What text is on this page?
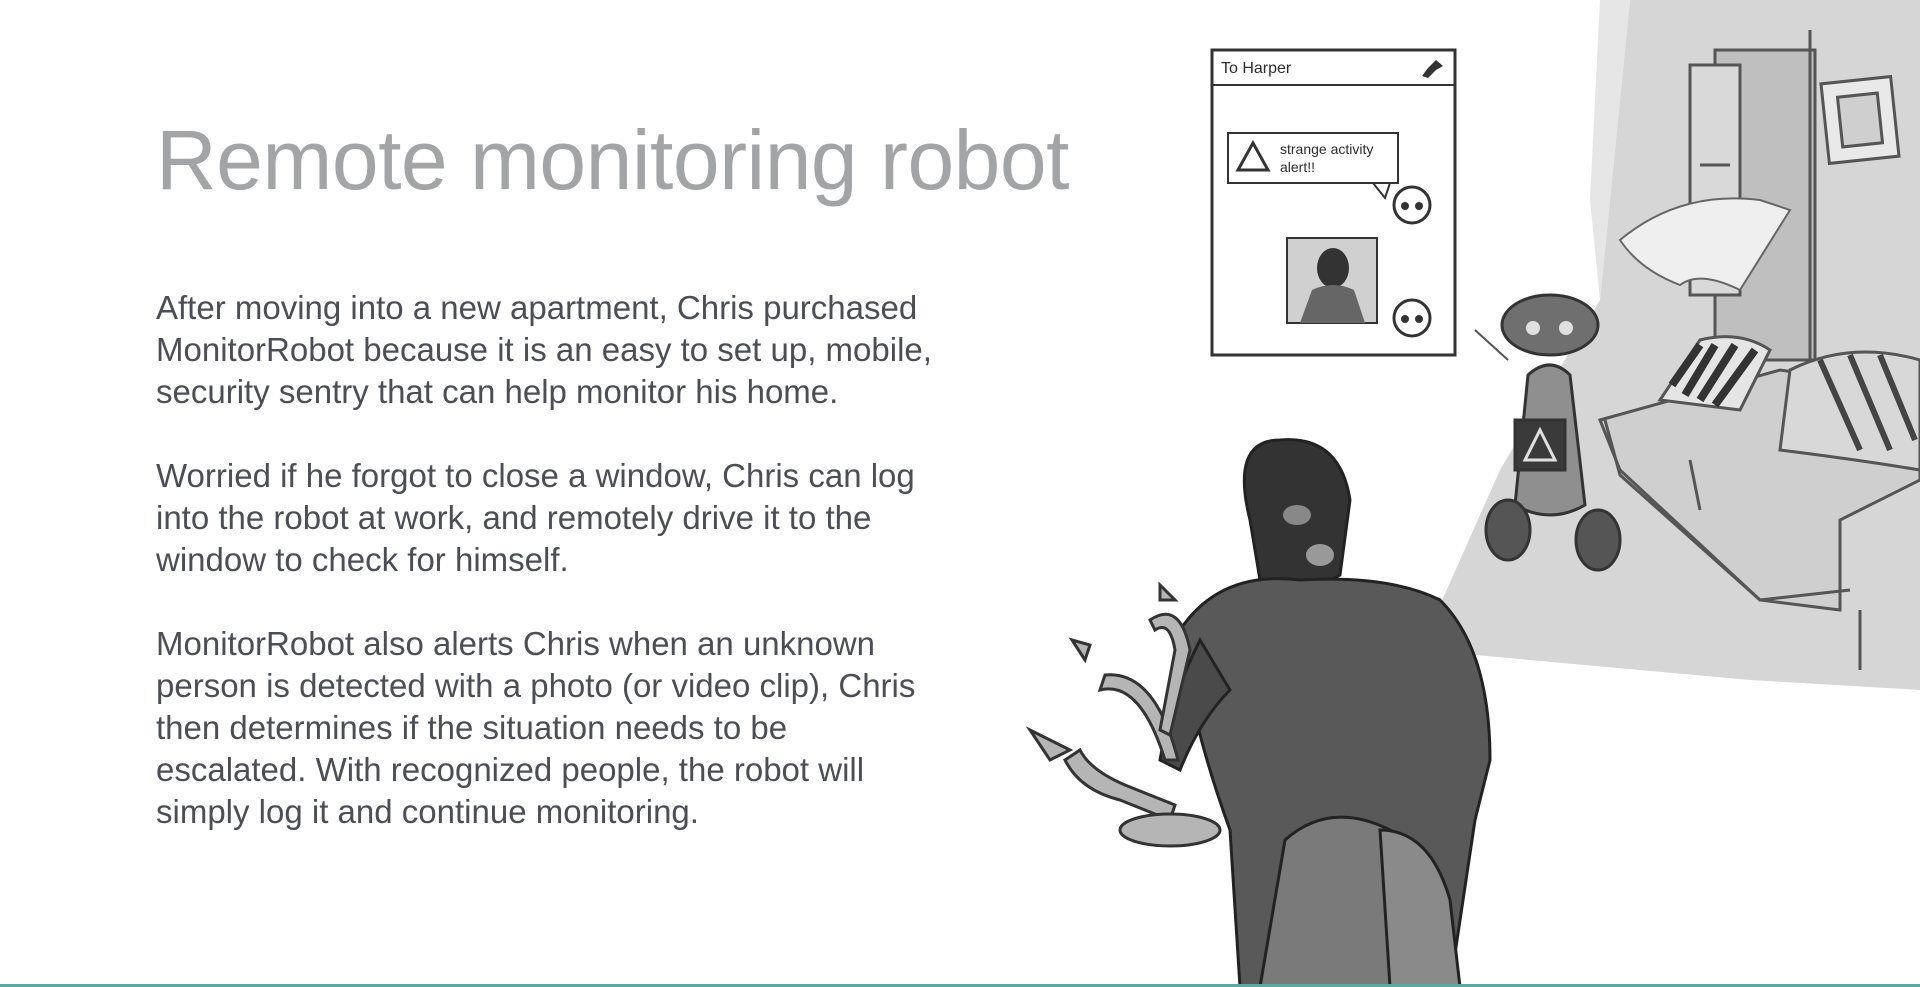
Remote monitoring robot

After moving into a new apartment, Chris purchased MonitorRobot because it is an easy to set up, mobile, security sentry that can help monitor his home.

Worried if he forgot to close a window, Chris can log into the robot at work, and remotely drive it to the window to check for himself.

MonitorRobot also alerts Chris when an unknown person is detected with a photo (or video clip), Chris then determines if the situation needs to be escalated. With recognized people, the robot will simply log it and continue monitoring.

To Harper
strange activity alert!!
